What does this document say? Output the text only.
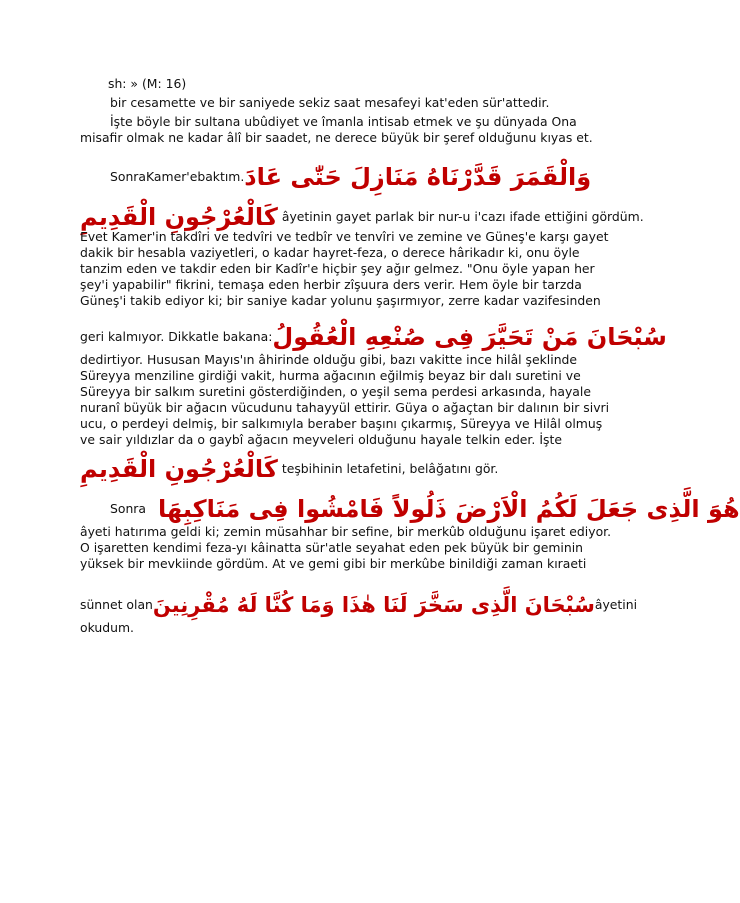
sh: » (M: 16)
bir cesamette ve bir saniyede sekiz saat mesafeyi kat'eden sür'attedir.
İşte böyle bir sultana ubûdiyet ve îmanla intisab etmek ve şu dünyada Ona
misafir olmak ne kadar âlî bir saadet, ne derece büyük bir şeref olduğunu kıyas et.
Sonra Kamer'e baktım. وَالْقَمَرَ قَدَّرْنَاهُ مَنَازِلَ حَتّٰى عَادَ
كَالْعُرْجُونِ الْقَدِيمِ âyetinin gayet parlak bir nur-u i'cazı ifade ettiğini gördüm.
Evet Kamer'in takdîri ve tedvîri ve tedbîr ve tenvîri ve zemine ve Güneş'e karşı gayet
dakik bir hesabla vaziyetleri, o kadar hayret-feza, o derece hârikadır ki, onu öyle
tanzim eden ve takdir eden bir Kadîr'e hiçbir şey ağır gelmez. "Onu öyle yapan her
şey'i yapabilir" fikrini, temaşa eden herbir zîşuura ders verir. Hem öyle bir tarzda
Güneş'i takib ediyor ki; bir saniye kadar yolunu şaşırmıyor, zerre kadar vazifesinden
geri kalmıyor. Dikkatle bakana: سُبْحَانَ مَنْ تَحَيَّرَ فِى صُنْعِهِ الْعُقُولُ
dedirtiyor. Hususan Mayıs'ın âhirinde olduğu gibi, bazı vakitte ince hilâl şeklinde
Süreyya menziline girdiği vakit, hurma ağacının eğilmiş beyaz bir dalı suretini ve
Süreyya bir salkım suretini gösterdiğinden, o yeşil sema perdesi arkasında, hayale
nuranî büyük bir ağacın vücudunu tahayyül ettirir. Güya o ağaçtan bir dalının bir sivri
ucu, o perdeyi delmiş, bir salkımıyla beraber başını çıkarmış, Süreyya ve Hilâl olmuş
ve sair yıldızlar da o gaybî ağacın meyveleri olduğunu hayale telkin eder. İşte
كَالْعُرْجُونِ الْقَدِيمِ teşbihinin letafetini, belâğatını gör.
Sonra هُوَ الَّذِى جَعَلَ لَكُمُ الْاَرْضَ ذَلُولاً فَامْشُوا فِى مَنَاكِبِهَا
âyeti hatırıma geldi ki; zemin müsahhar bir sefine, bir merkûb olduğunu işaret ediyor.
O işaretten kendimi feza-yı kâinatta sür'atle seyahat eden pek büyük bir geminin
yüksek bir mevkiinde gördüm. At ve gemi gibi bir merkûbe binildiği zaman kıraeti
sünnet olan سُبْحَانَ الَّذِى سَخَّرَ لَنَا هٰذَا وَمَا كُنَّا لَهُ مُقْرِنِينَ âyetini
okudum.
